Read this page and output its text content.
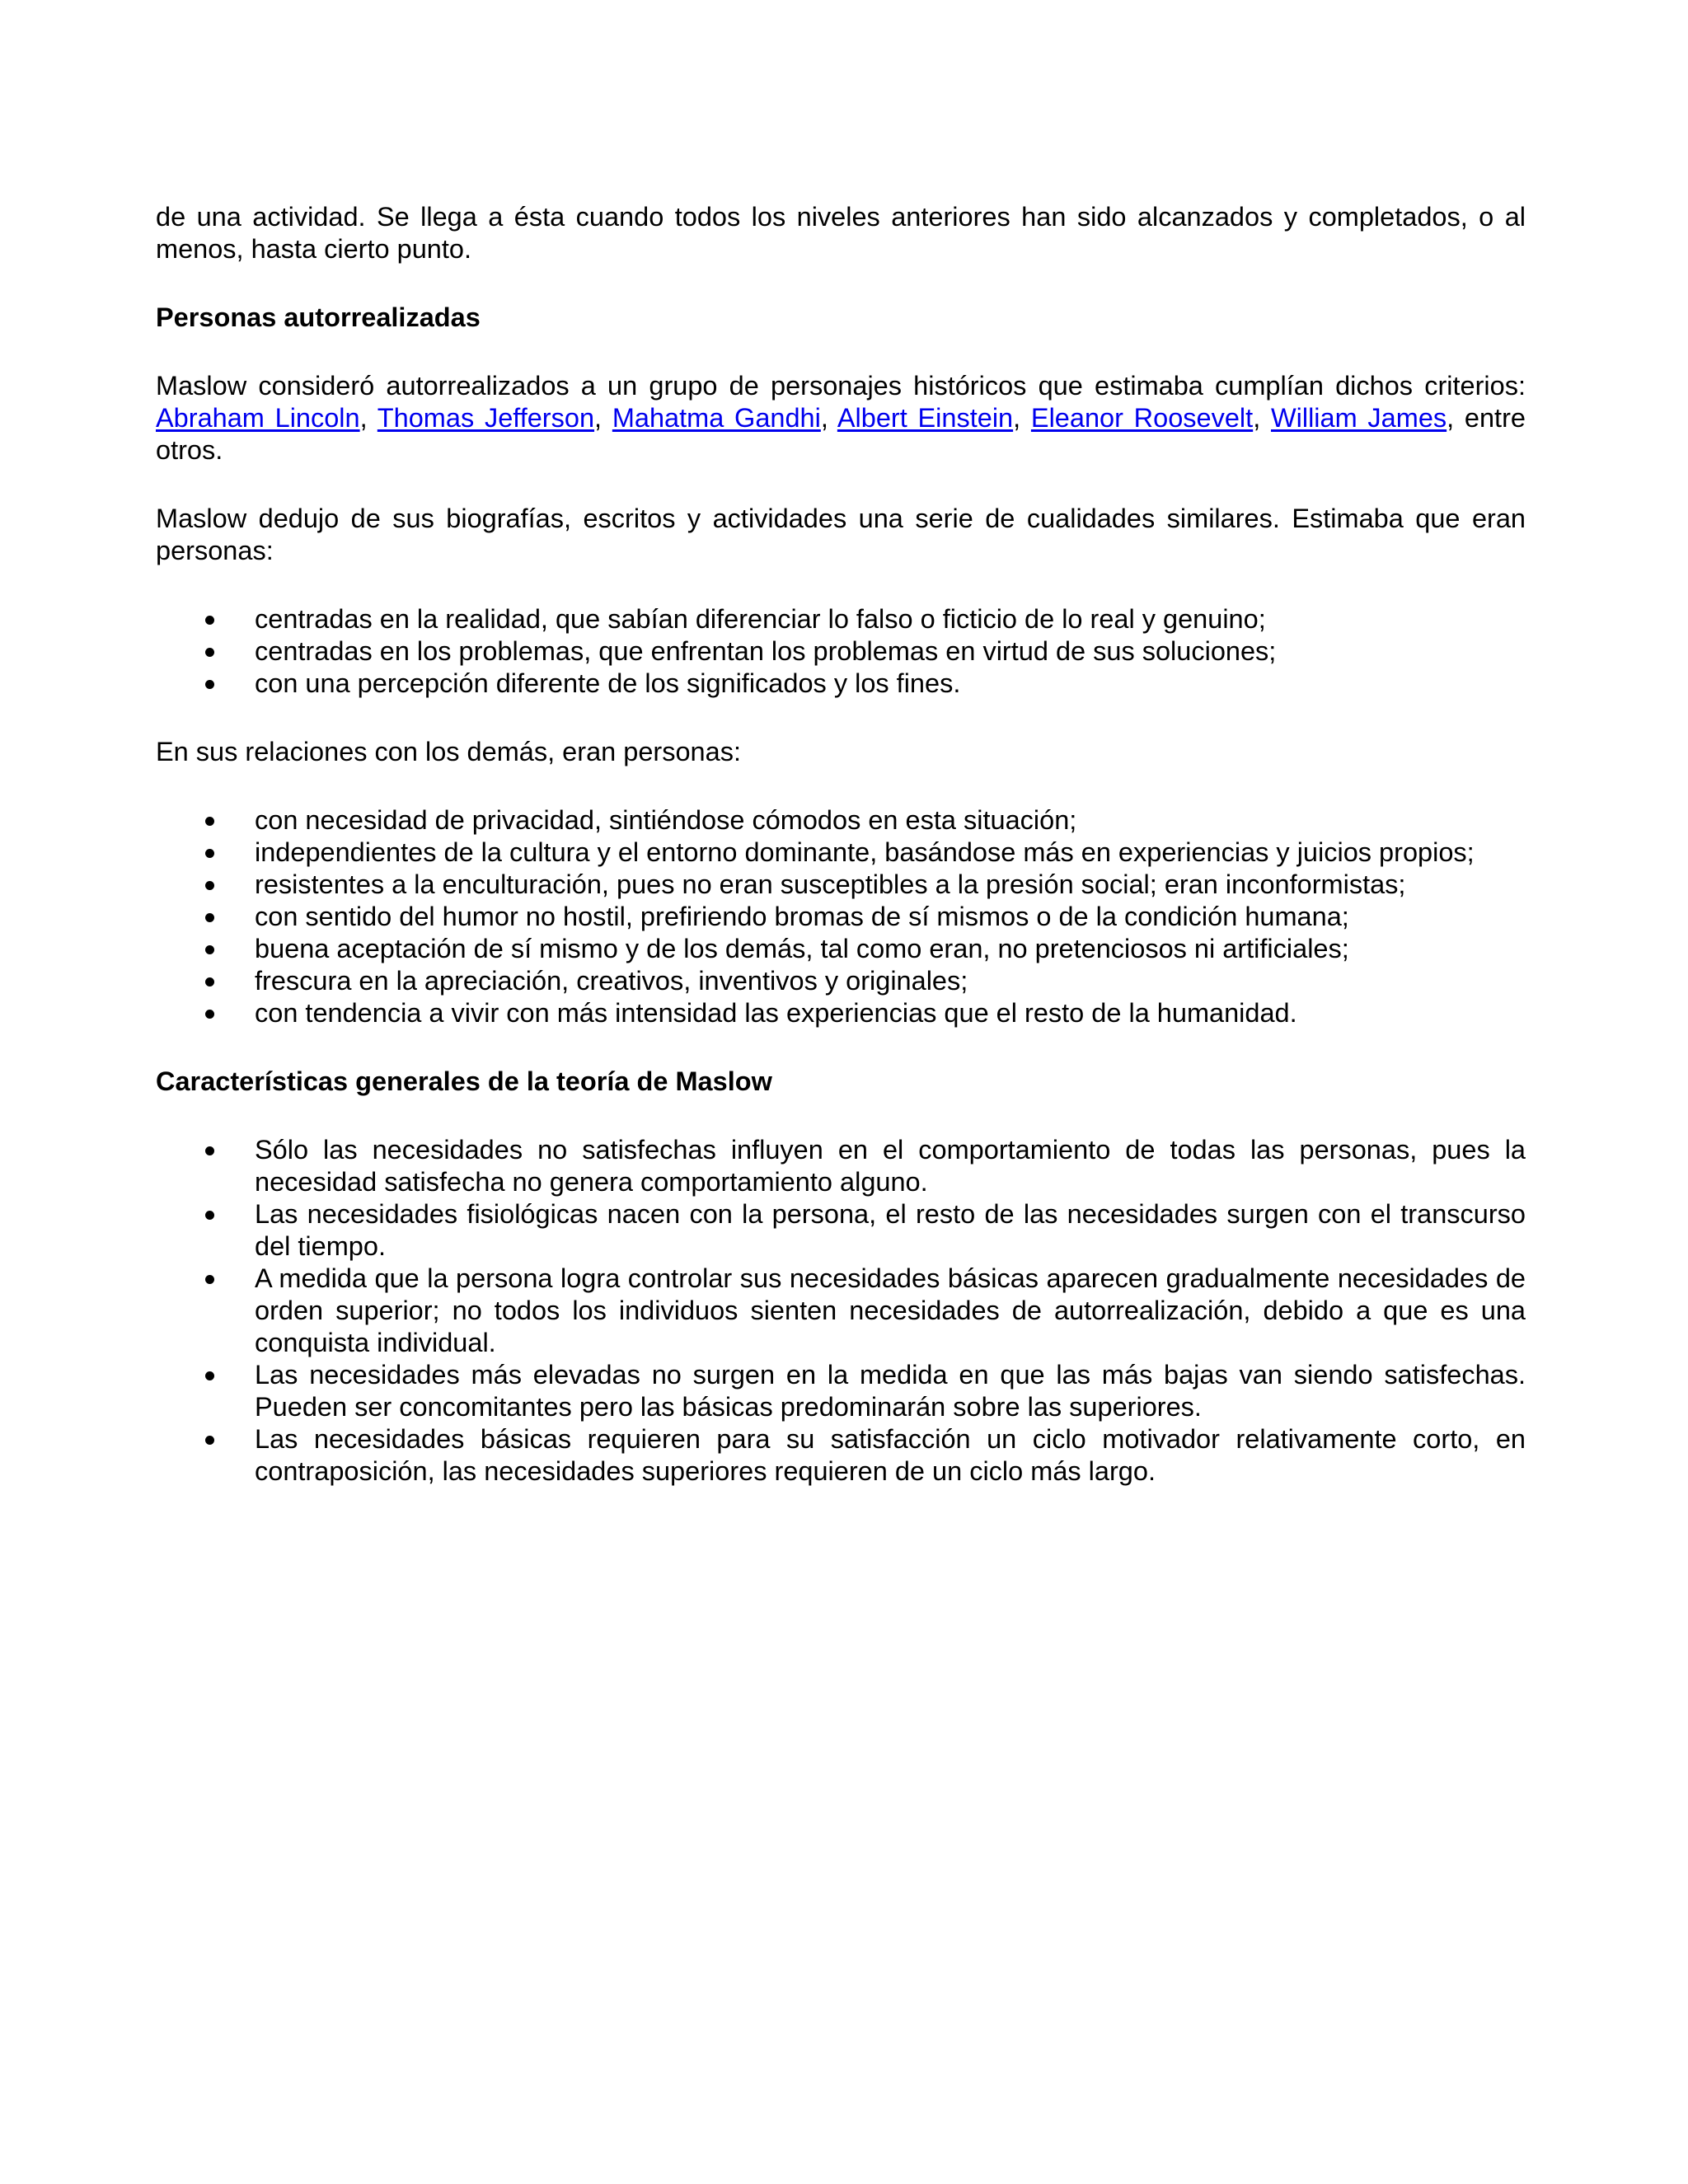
de una actividad. Se llega a ésta cuando todos los niveles anteriores han sido alcanzados y completados, o al menos, hasta cierto punto.

Personas autorrealizadas

Maslow consideró autorrealizados a un grupo de personajes históricos que estimaba cumplían dichos criterios: Abraham Lincoln, Thomas Jefferson, Mahatma Gandhi, Albert Einstein, Eleanor Roosevelt, William James, entre otros.

Maslow dedujo de sus biografías, escritos y actividades una serie de cualidades similares. Estimaba que eran personas:

centradas en la realidad, que sabían diferenciar lo falso o ficticio de lo real y genuino;
centradas en los problemas, que enfrentan los problemas en virtud de sus soluciones;
con una percepción diferente de los significados y los fines.

En sus relaciones con los demás, eran personas:

con necesidad de privacidad, sintiéndose cómodos en esta situación;
independientes de la cultura y el entorno dominante, basándose más en experiencias y juicios propios;
resistentes a la enculturación, pues no eran susceptibles a la presión social; eran inconformistas;
con sentido del humor no hostil, prefiriendo bromas de sí mismos o de la condición humana;
buena aceptación de sí mismo y de los demás, tal como eran, no pretenciosos ni artificiales;
frescura en la apreciación, creativos, inventivos y originales;
con tendencia a vivir con más intensidad las experiencias que el resto de la humanidad.
Características generales de la teoría de Maslow
Sólo las necesidades no satisfechas influyen en el comportamiento de todas las personas, pues la necesidad satisfecha no genera comportamiento alguno.
Las necesidades fisiológicas nacen con la persona, el resto de las necesidades surgen con el transcurso del tiempo.
A medida que la persona logra controlar sus necesidades básicas aparecen gradualmente necesidades de orden superior; no todos los individuos sienten necesidades de autorrealización, debido a que es una conquista individual.
Las necesidades más elevadas no surgen en la medida en que las más bajas van siendo satisfechas. Pueden ser concomitantes pero las básicas predominarán sobre las superiores.
Las necesidades básicas requieren para su satisfacción un ciclo motivador relativamente corto, en contraposición, las necesidades superiores requieren de un ciclo más largo.
